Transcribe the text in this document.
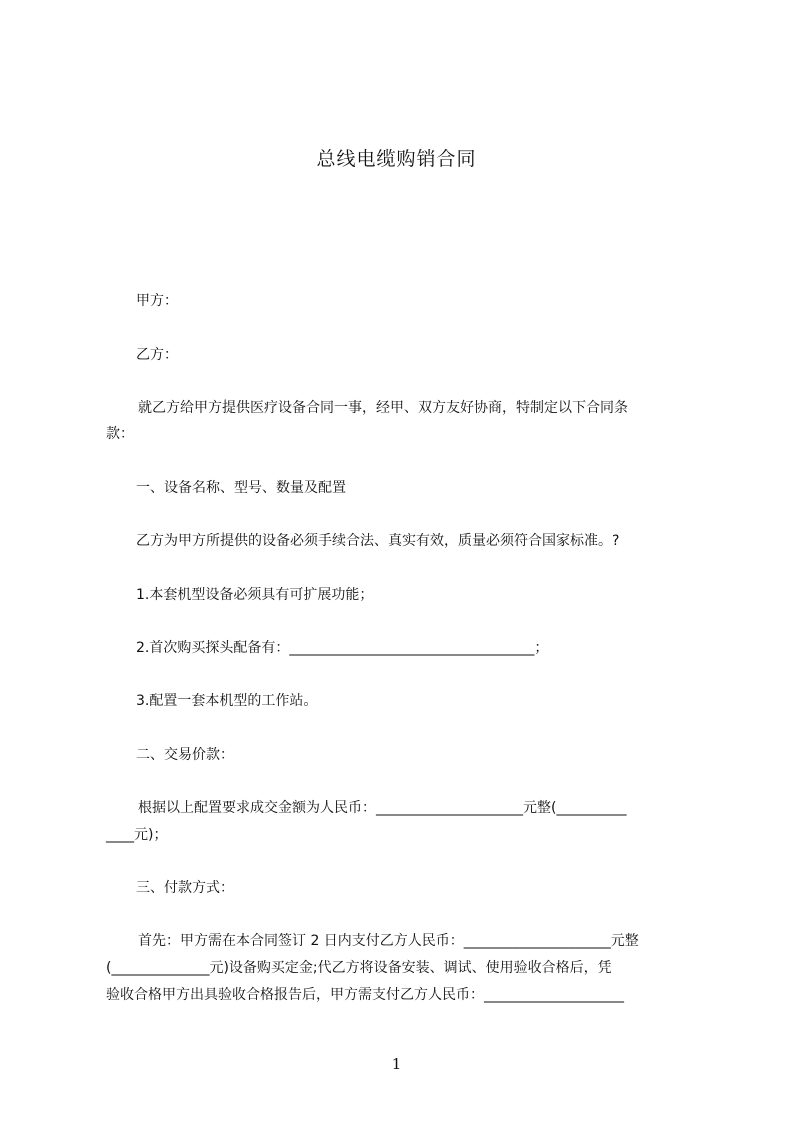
总线电缆购销合同
甲方：
乙方：
就乙方给甲方提供医疗设备合同一事，经甲、双方友好协商，特制定以下合同条
款：
一、设备名称、型号、数量及配置
乙方为甲方所提供的设备必须手续合法、真实有效，质量必须符合国家标准。?
1.本套机型设备必须具有可扩展功能；
2.首次购买探头配备有：___________________________________；
3.配置一套本机型的工作站。
二、交易价款：
根据以上配置要求成交金额为人民币：_____________________元整(__________
____元)；
三、付款方式：
首先：甲方需在本合同签订 2 日内支付乙方人民币：_____________________元整
(______________元)设备购买定金;代乙方将设备安装、调试、使用验收合格后，凭
验收合格甲方出具验收合格报告后，甲方需支付乙方人民币：____________________
1
